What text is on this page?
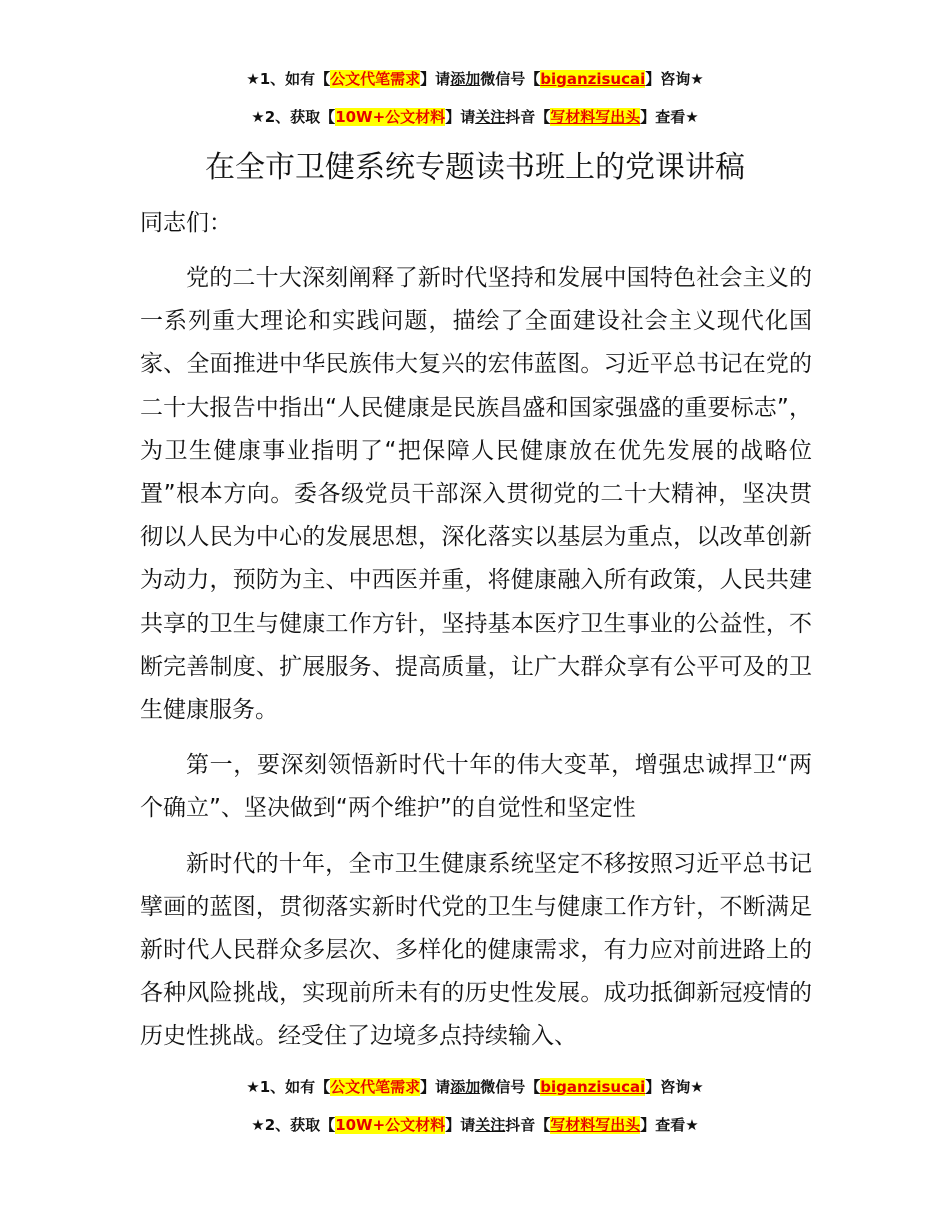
★1、如有【公文代笔需求】请添加微信号【biganzisucai】咨询★
★2、获取【10W+公文材料】请关注抖音【写材料写出头】查看★
在全市卫健系统专题读书班上的党课讲稿

同志们：

党的二十大深刻阐释了新时代坚持和发展中国特色社会主义的一系列重大理论和实践问题，描绘了全面建设社会主义现代化国家、全面推进中华民族伟大复兴的宏伟蓝图。习近平总书记在党的二十大报告中指出“人民健康是民族昌盛和国家强盛的重要标志”，为卫生健康事业指明了“把保障人民健康放在优先发展的战略位置”根本方向。委各级党员干部深入贯彻党的二十大精神，坚决贯彻以人民为中心的发展思想，深化落实以基层为重点，以改革创新为动力，预防为主、中西医并重，将健康融入所有政策，人民共建共享的卫生与健康工作方针，坚持基本医疗卫生事业的公益性，不断完善制度、扩展服务、提高质量，让广大群众享有公平可及的卫生健康服务。

第一，要深刻领悟新时代十年的伟大变革，增强忠诚捍卫“两个确立”、坚决做到“两个维护”的自觉性和坚定性

新时代的十年，全市卫生健康系统坚定不移按照习近平总书记擘画的蓝图，贯彻落实新时代党的卫生与健康工作方针，不断满足新时代人民群众多层次、多样化的健康需求，有力应对前进路上的各种风险挑战，实现前所未有的历史性发展。成功抵御新冠疫情的历史性挑战。经受住了边境多点持续输入、

★1、如有【公文代笔需求】请添加微信号【biganzisucai】咨询★
★2、获取【10W+公文材料】请关注抖音【写材料写出头】查看★
